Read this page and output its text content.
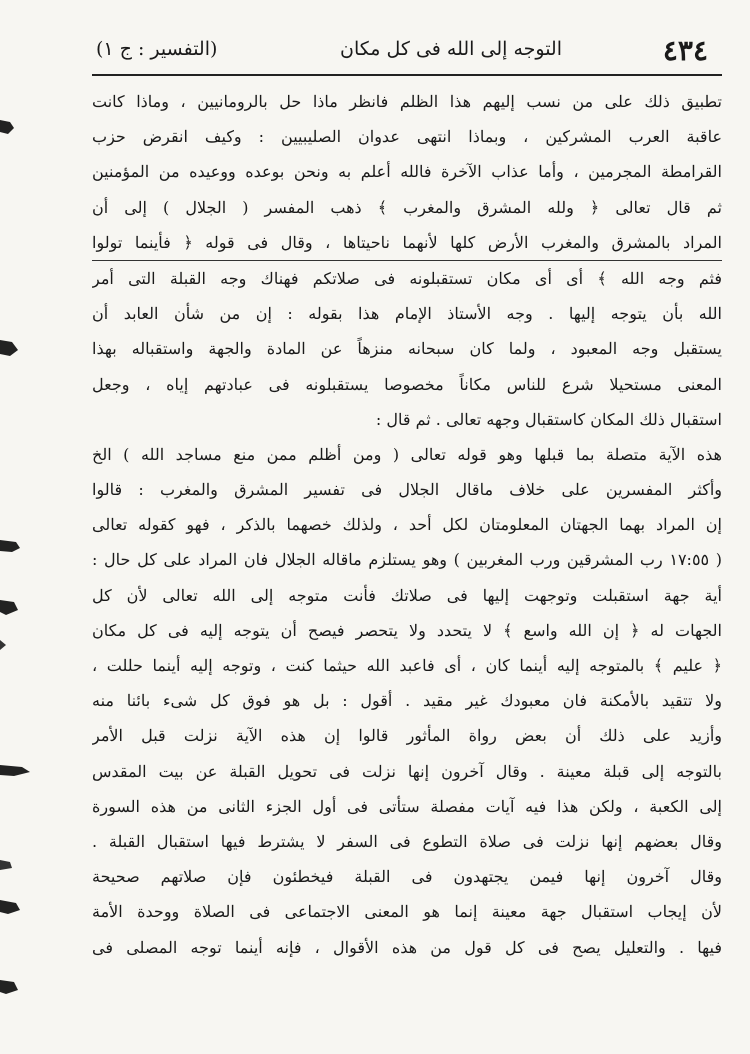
٤٣٤
التوجه إلى الله فى كل مكان
(التفسير : ج ١)
تطبيق ذلك على من نسب إليهم هذا الظلم فانظر ماذا حل بالرومانيين ، وماذا كانت
عاقبة العرب المشركين ، وبماذا انتهى عدوان الصليبيين : وكيف انقرض حزب
القرامطة المجرمين ، وأما عذاب الآخرة فالله أعلم به ونحن بوعده ووعيده من المؤمنين
ثم قال تعالى ﴿ ولله المشرق والمغرب ﴾ ذهب المفسر ( الجلال ) إلى أن
المراد بالمشرق والمغرب الأرض كلها لأنهما ناحيتاها ، وقال فى قوله ﴿ فأينما تولوا
فثم وجه الله ﴾ أى أى مكان تستقبلونه فى صلاتكم فهناك وجه القبلة التى أمر
الله بأن يتوجه إليها . وجه الأستاذ الإمام هذا بقوله : إن من شأن العابد أن
يستقبل وجه المعبود ، ولما كان سبحانه منزهاً عن المادة والجهة واستقباله بهذا
المعنى مستحيلا شرع للناس مكاناً مخصوصا يستقبلونه فى عبادتهم إياه ، وجعل
استقبال ذلك المكان كاستقبال وجهه تعالى . ثم قال :
هذه الآية متصلة بما قبلها وهو قوله تعالى ( ومن أظلم ممن منع مساجد الله ) الخ
وأكثر المفسرين على خلاف ماقال الجلال فى تفسير المشرق والمغرب : قالوا
إن المراد بهما الجهتان المعلومتان لكل أحد ، ولذلك خصهما بالذكر ، فهو كقوله تعالى
( ١٧:٥٥ رب المشرقين ورب المغربين ) وهو يستلزم ماقاله الجلال فان المراد على كل حال :
أية جهة استقبلت وتوجهت إليها فى صلاتك فأنت متوجه إلى الله تعالى لأن كل
الجهات له ﴿ إن الله واسع ﴾ لا يتحدد ولا يتحصر فيصح أن يتوجه إليه فى كل مكان
﴿ عليم ﴾ بالمتوجه إليه أينما كان ، أى فاعبد الله حيثما كنت ، وتوجه إليه أينما حللت ،
ولا تتقيد بالأمكنة فان معبودك غير مقيد . أقول : بل هو فوق كل شىء بائنا منه
وأزيد على ذلك أن بعض رواة المأثور قالوا إن هذه الآية نزلت قبل الأمر
بالتوجه إلى قبلة معينة . وقال آخرون إنها نزلت فى تحويل القبلة عن بيت المقدس
إلى الكعبة ، ولكن هذا فيه آيات مفصلة ستأتى فى أول الجزء الثانى من هذه السورة
وقال بعضهم إنها نزلت فى صلاة التطوع فى السفر لا يشترط فيها استقبال القبلة .
وقال آخرون إنها فيمن يجتهدون فى القبلة فيخطئون فإن صلاتهم صحيحة
لأن إيجاب استقبال جهة معينة إنما هو المعنى الاجتماعى فى الصلاة ووحدة الأمة
فيها . والتعليل يصح فى كل قول من هذه الأقوال ، فإنه أينما توجه المصلى فى
